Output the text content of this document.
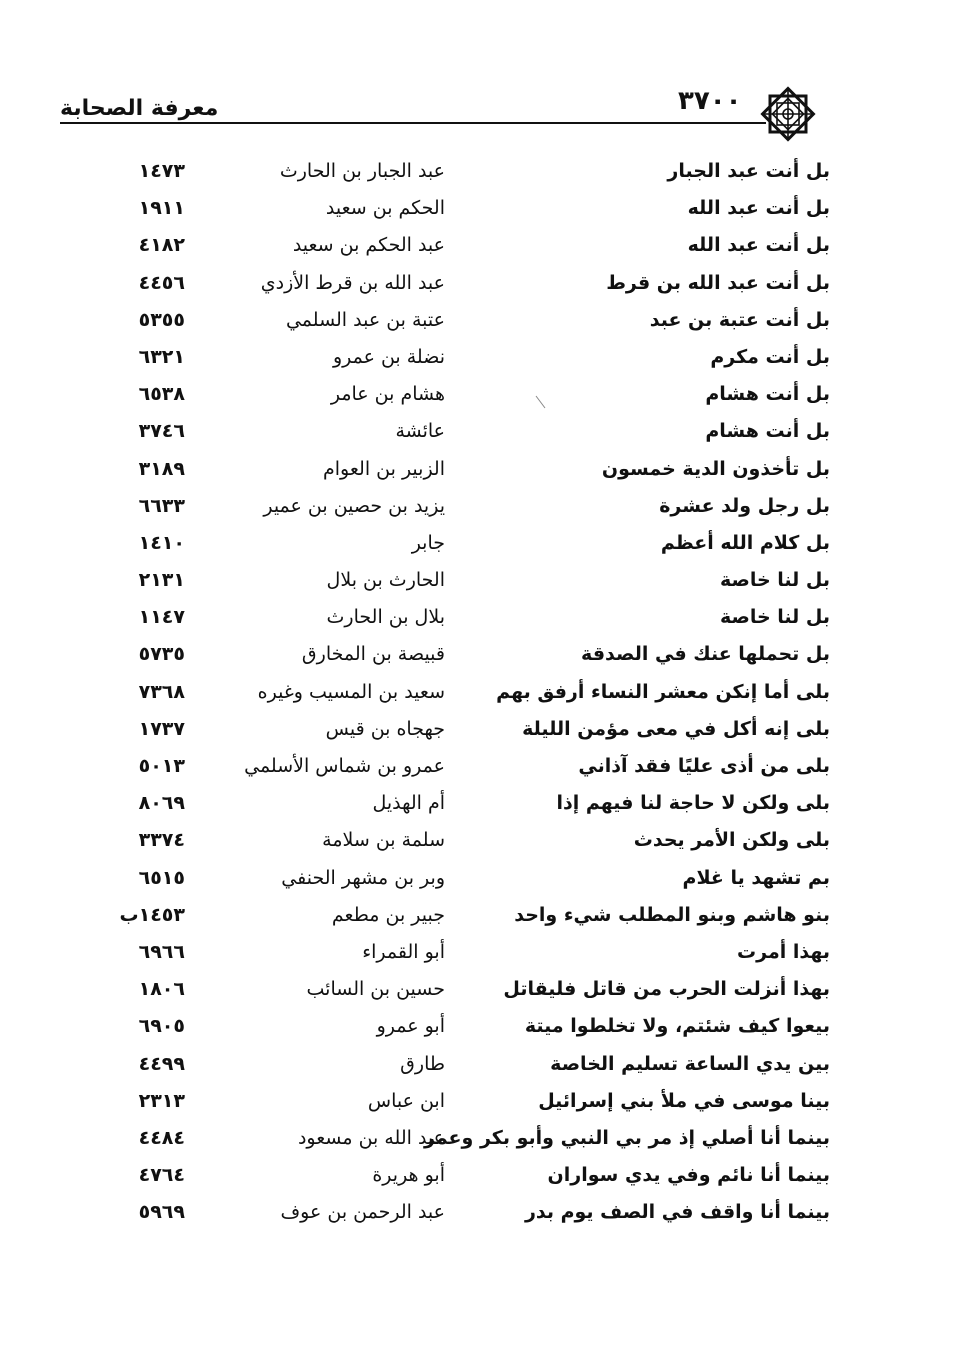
معرفة الصحابة	٣٧٠٠
بل أنت عبد الجبار
عبد الجبار بن الحارث
١٤٧٣
بل أنت عبد الله
الحكم بن سعيد
١٩١١
بل أنت عبد الله
عبد الحكم بن سعيد
٤١٨٢
بل أنت عبد الله بن قرط
عبد الله بن قرط الأزدي
٤٤٥٦
بل أنت عتبة بن عبد
عتبة بن عبد السلمي
٥٣٥٥
بل أنت مكرم
نضلة بن عمرو
٦٣٢١
بل أنت هشام
هشام بن عامر
٦٥٣٨
بل أنت هشام
عائشة
٣٧٤٦
بل تأخذون الدية خمسون
الزبير بن العوام
٣١٨٩
بل رجل ولد عشرة
يزيد بن حصين بن عمير
٦٦٣٣
بل كلام الله أعظم
جابر
١٤١٠
بل لنا خاصة
الحارث بن بلال
٢١٣١
بل لنا خاصة
بلال بن الحارث
١١٤٧
بل تحملها عنك في الصدقة
قبيصة بن المخارق
٥٧٣٥
بلى أما إنكن معشر النساء أرفق بهم
سعيد بن المسيب وغيره
٧٣٦٨
بلى إنه أكل في معى مؤمن الليلة
جهجاه بن قيس
١٧٣٧
بلى من أذى عليًا فقد آذاني
عمرو بن شماس الأسلمي
٥٠١٣
بلى ولكن لا حاجة لنا فيهم إذا
أم الهذيل
٨٠٦٩
بلى ولكن الأمر يحدث
سلمة بن سلامة
٣٣٧٤
بم تشهد يا غلام
وبر بن مشهر الحنفي
٦٥١٥
بنو هاشم وبنو المطلب شيء واحد
جبير بن مطعم
١٤٥٣ب
بهذا أمرت
أبو القمراء
٦٩٦٦
بهذا أنزلت الحرب من قاتل فليقاتل
حسين بن السائب
١٨٠٦
بيعوا كيف شئتم، ولا تخلطوا ميتة
أبو عمرو
٦٩٠٥
بين يدي الساعة تسليم الخاصة
طارق
٤٤٩٩
بينا موسى في ملأ بني إسرائيل
ابن عباس
٢٣١٣
بينما أنا أصلي إذ مر بي النبي وأبو بكر وعمر
عبد الله بن مسعود
٤٤٨٤
بينما أنا نائم وفي يدي سواران
أبو هريرة
٤٧٦٤
بينما أنا واقف في الصف يوم بدر
عبد الرحمن بن عوف
٥٩٦٩
